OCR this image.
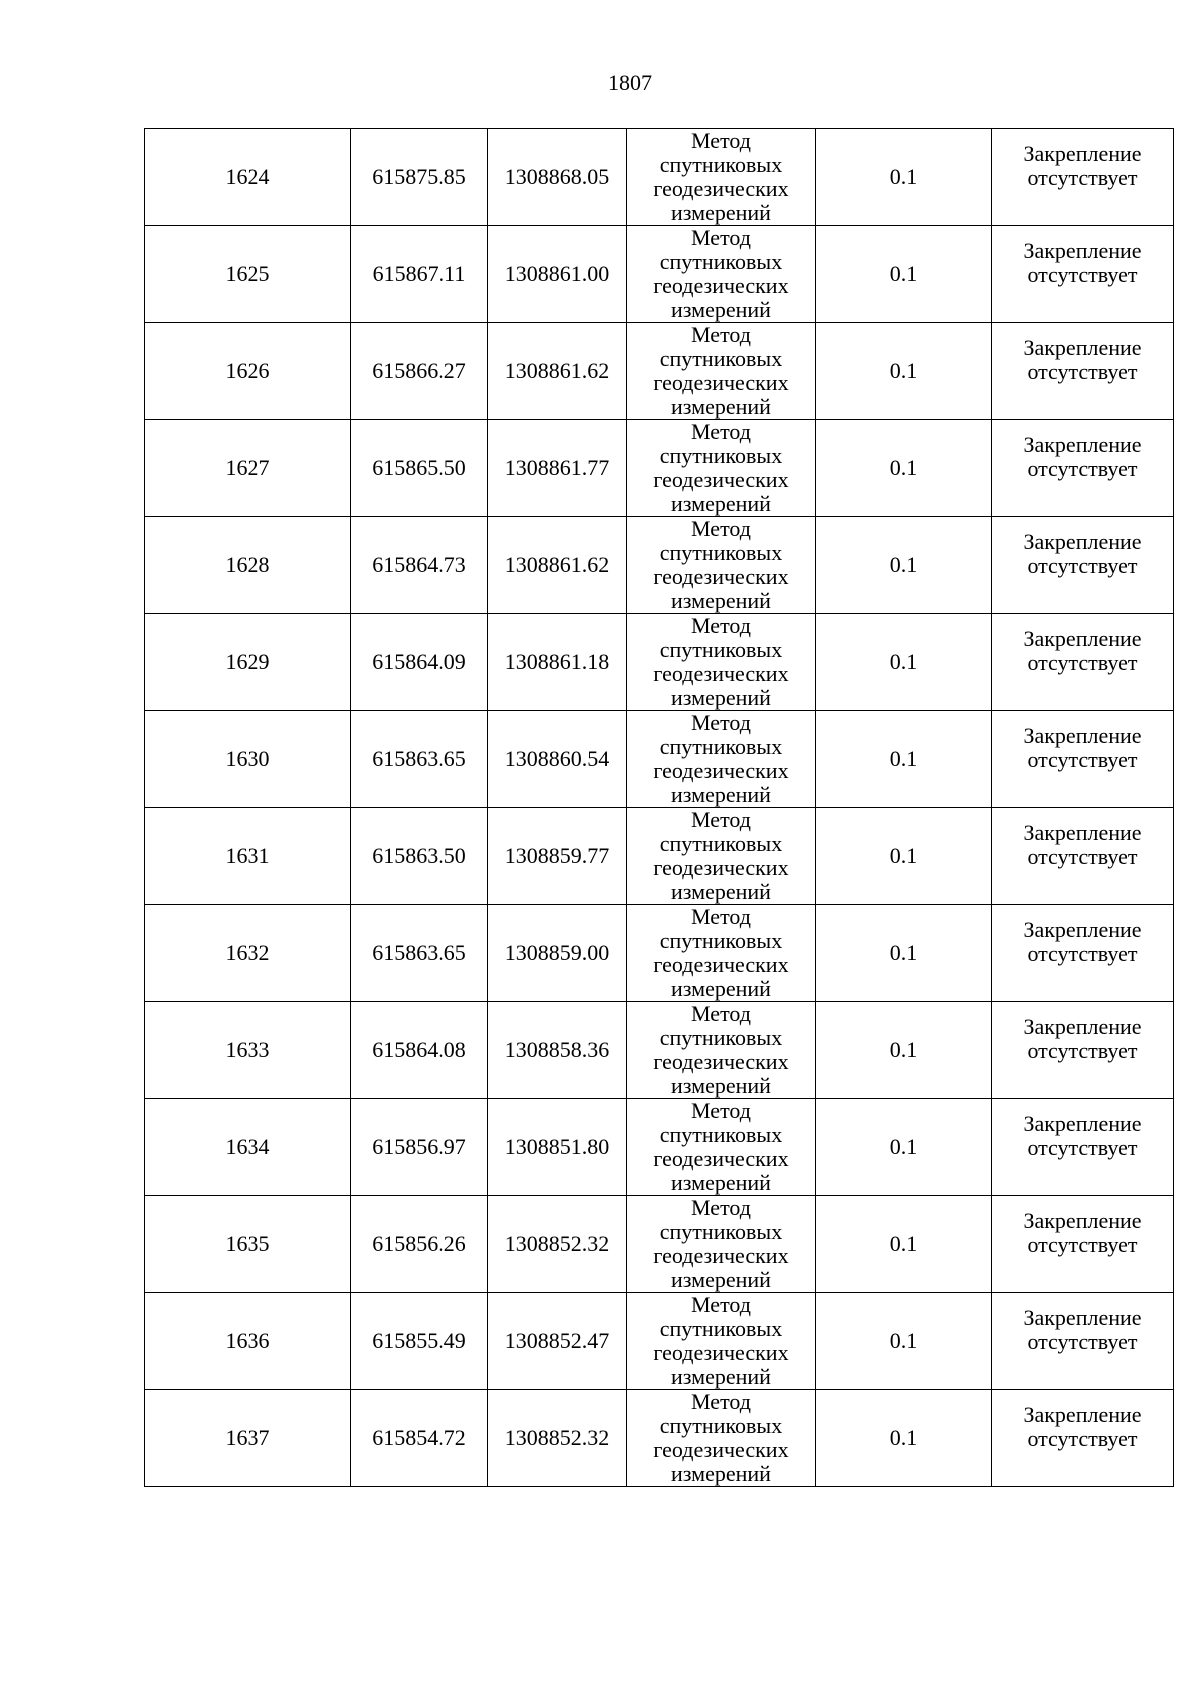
1807
1624	615875.85	1308868.05	Метод
спутниковых
геодезических
измерений	0.1	Закрепление
отсутствует

1625	615867.11	1308861.00	Метод
спутниковых
геодезических
измерений	0.1	Закрепление
отсутствует

1626	615866.27	1308861.62	Метод
спутниковых
геодезических
измерений	0.1	Закрепление
отсутствует

1627	615865.50	1308861.77	Метод
спутниковых
геодезических
измерений	0.1	Закрепление
отсутствует

1628	615864.73	1308861.62	Метод
спутниковых
геодезических
измерений	0.1	Закрепление
отсутствует

1629	615864.09	1308861.18	Метод
спутниковых
геодезических
измерений	0.1	Закрепление
отсутствует

1630	615863.65	1308860.54	Метод
спутниковых
геодезических
измерений	0.1	Закрепление
отсутствует

1631	615863.50	1308859.77	Метод
спутниковых
геодезических
измерений	0.1	Закрепление
отсутствует

1632	615863.65	1308859.00	Метод
спутниковых
геодезических
измерений	0.1	Закрепление
отсутствует

1633	615864.08	1308858.36	Метод
спутниковых
геодезических
измерений	0.1	Закрепление
отсутствует

1634	615856.97	1308851.80	Метод
спутниковых
геодезических
измерений	0.1	Закрепление
отсутствует

1635	615856.26	1308852.32	Метод
спутниковых
геодезических
измерений	0.1	Закрепление
отсутствует

1636	615855.49	1308852.47	Метод
спутниковых
геодезических
измерений	0.1	Закрепление
отсутствует

1637	615854.72	1308852.32	Метод
спутниковых
геодезических
измерений	0.1	Закрепление
отсутствует
